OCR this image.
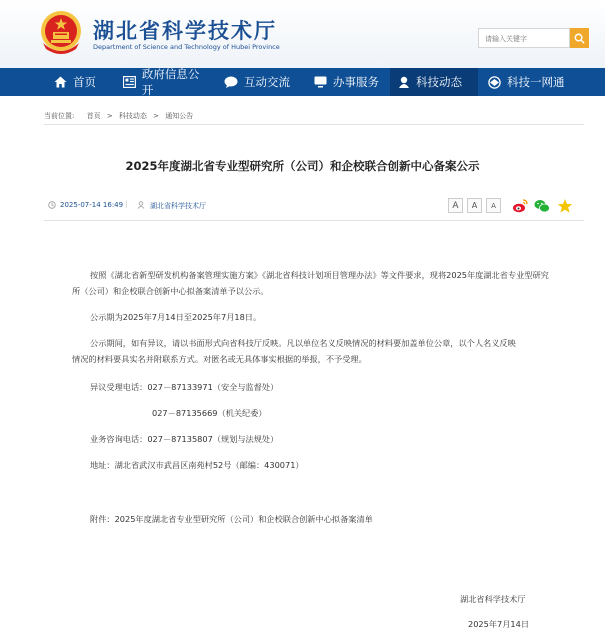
湖北省科学技术厅
Department of Science and Technology of Hubei Province
请输入关键字
首页
政府信息公开
互动交流	办事服务	科技动态	科技一网通
当前位置: 首页 > 科技动态 > 通知公告
2025年度湖北省专业型研究所（公司）和企校联合创新中心备案公示
2025-07-14 16:49 |	湖北省科学技术厅	A	A	A
按照《湖北省新型研发机构备案管理实施方案》《湖北省科技计划项目管理办法》等文件要求，现将2025年度湖北省专业型研究所（公司）和企校联合创新中心拟备案清单予以公示。
公示期为2025年7月14日至2025年7月18日。
公示期间，如有异议，请以书面形式向省科技厅反映。凡以单位名义反映情况的材料要加盖单位公章，以个人名义反映
情况的材料要具实名并附联系方式。对匿名或无具体事实根据的举报，不予受理。
异议受理电话：027－87133971（安全与监督处）
027－87135669（机关纪委）
业务咨询电话：027－87135807（规划与法规处）
地址：湖北省武汉市武昌区南苑村52号（邮编：430071）
附件：2025年度湖北省专业型研究所（公司）和企校联合创新中心拟备案清单
湖北省科学技术厅
2025年7月14日
